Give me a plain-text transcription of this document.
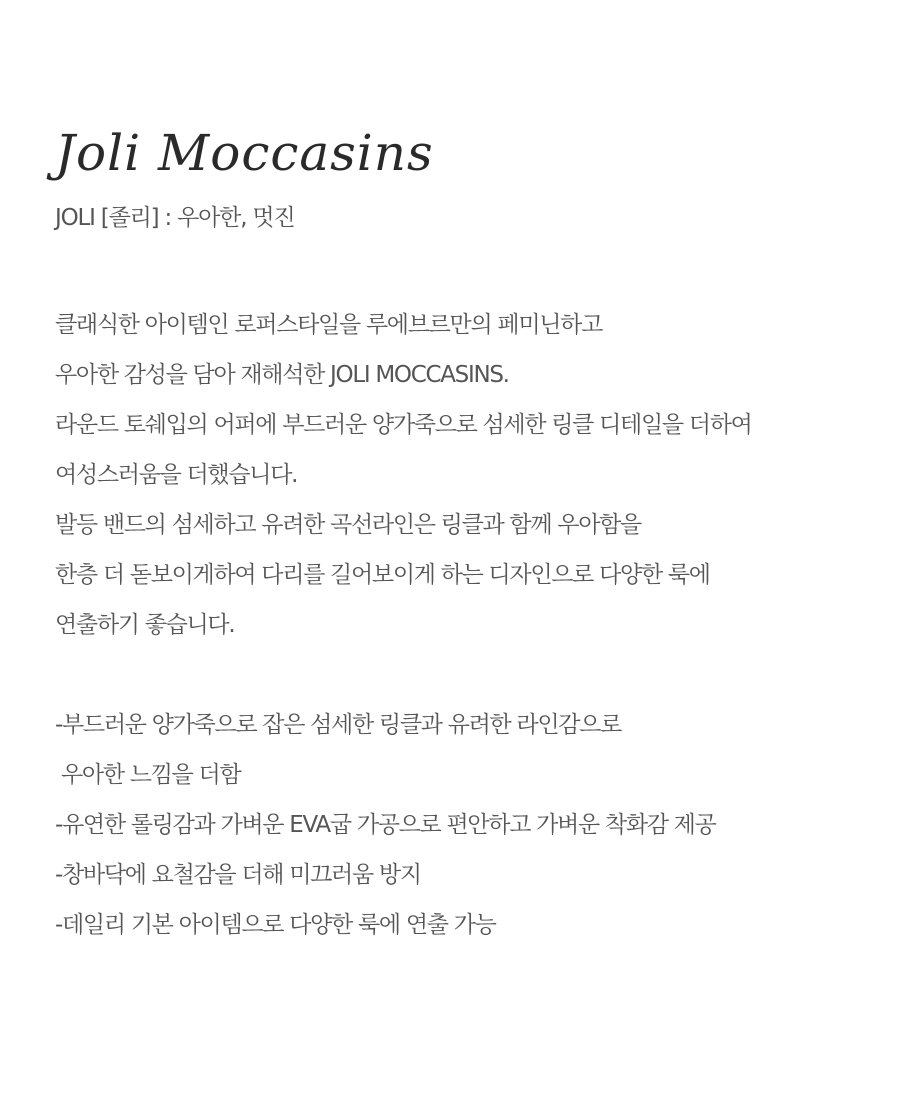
Joli Moccasins

JOLI [졸리] : 우아한, 멋진

클래식한 아이템인 로퍼스타일을 루에브르만의 페미닌하고
우아한 감성을 담아 재해석한 JOLI MOCCASINS.
라운드 토쉐입의 어퍼에 부드러운 양가죽으로 섬세한 링클 디테일을 더하여
여성스러움을 더했습니다.
발등 밴드의 섬세하고 유려한 곡선라인은 링클과 함께 우아함을
한층 더 돋보이게하여 다리를 길어보이게 하는 디자인으로 다양한 룩에
연출하기 좋습니다.
-부드러운 양가죽으로 잡은 섬세한 링클과 유려한 라인감으로
우아한 느낌을 더함
-유연한 롤링감과 가벼운 EVA굽 가공으로 편안하고 가벼운 착화감 제공
-창바닥에 요철감을 더해 미끄러움 방지
-데일리 기본 아이템으로 다양한 룩에 연출 가능
